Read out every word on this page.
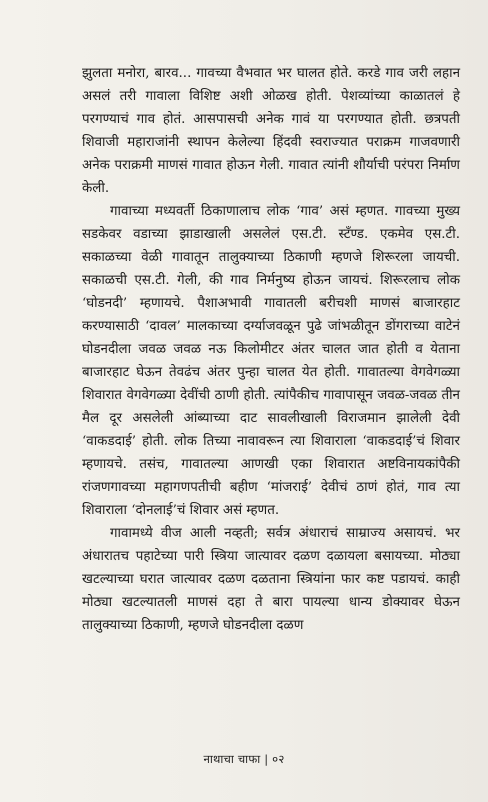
झुलता मनोरा, बारव... गावच्या वैभवात भर घालत होते. करडे गाव जरी लहान असलं तरी गावाला विशिष्ट अशी ओळख होती. पेशव्यांच्या काळातलं हे परगण्याचं गाव होतं. आसपासची अनेक गावं या परगण्यात होती. छत्रपती शिवाजी महाराजांनी स्थापन केलेल्या हिंदवी स्वराज्यात पराक्रम गाजवणारी अनेक पराक्रमी माणसं गावात होऊन गेली. गावात त्यांनी शौर्याची परंपरा निर्माण केली.

गावाच्या मध्यवर्ती ठिकाणालाच लोक ‘गाव’ असं म्हणत. गावच्या मुख्य सडकेवर वडाच्या झाडाखाली असलेलं एस.टी. स्टँण्ड. एकमेव एस.टी. सकाळच्या वेळी गावातून तालुक्याच्या ठिकाणी म्हणजे शिरूरला जायची. सकाळची एस.टी. गेली, की गाव निर्मनुष्य होऊन जायचं. शिरूरलाच लोक ‘घोडनदी’ म्हणायचे. पैशाअभावी गावातली बरीचशी माणसं बाजारहाट करण्यासाठी ‘दावल’ मालकाच्या दर्ग्याजवळून पुढे जांभळीतून डोंगराच्या वाटेनं घोडनदीला जवळ जवळ नऊ किलोमीटर अंतर चालत जात होती व येताना बाजारहाट घेऊन तेवढंच अंतर पुन्हा चालत येत होती. गावातल्या वेगवेगळ्या शिवारात वेगवेगळ्या देवींची ठाणी होती. त्यांपैकीच गावापासून जवळ-जवळ तीन मैल दूर असलेली आंब्याच्या दाट सावलीखाली विराजमान झालेली देवी ‘वाकडदाई’ होती. लोक तिच्या नावावरून त्या शिवाराला ‘वाकडदाई’चं शिवार म्हणायचे. तसंच, गावातल्या आणखी एका शिवारात अष्टविनायकांपैकी रांजणगावच्या महागणपतीची बहीण ‘मांजराई’ देवीचं ठाणं होतं, गाव त्या शिवाराला ‘दोनलाई’चं शिवार असं म्हणत.

गावामध्ये वीज आली नव्हती; सर्वत्र अंधाराचं साम्राज्य असायचं. भर अंधारातच पहाटेच्या पारी स्त्रिया जात्यावर दळण दळायला बसायच्या. मोठ्या खटल्याच्या घरात जात्यावर दळण दळताना स्त्रियांना फार कष्ट पडायचं. काही मोठ्या खटल्यातली माणसं दहा ते बारा पायल्या धान्य डोक्यावर घेऊन तालुक्याच्या ठिकाणी, म्हणजे घोडनदीला दळण

नाथाचा चाफा | ०२
